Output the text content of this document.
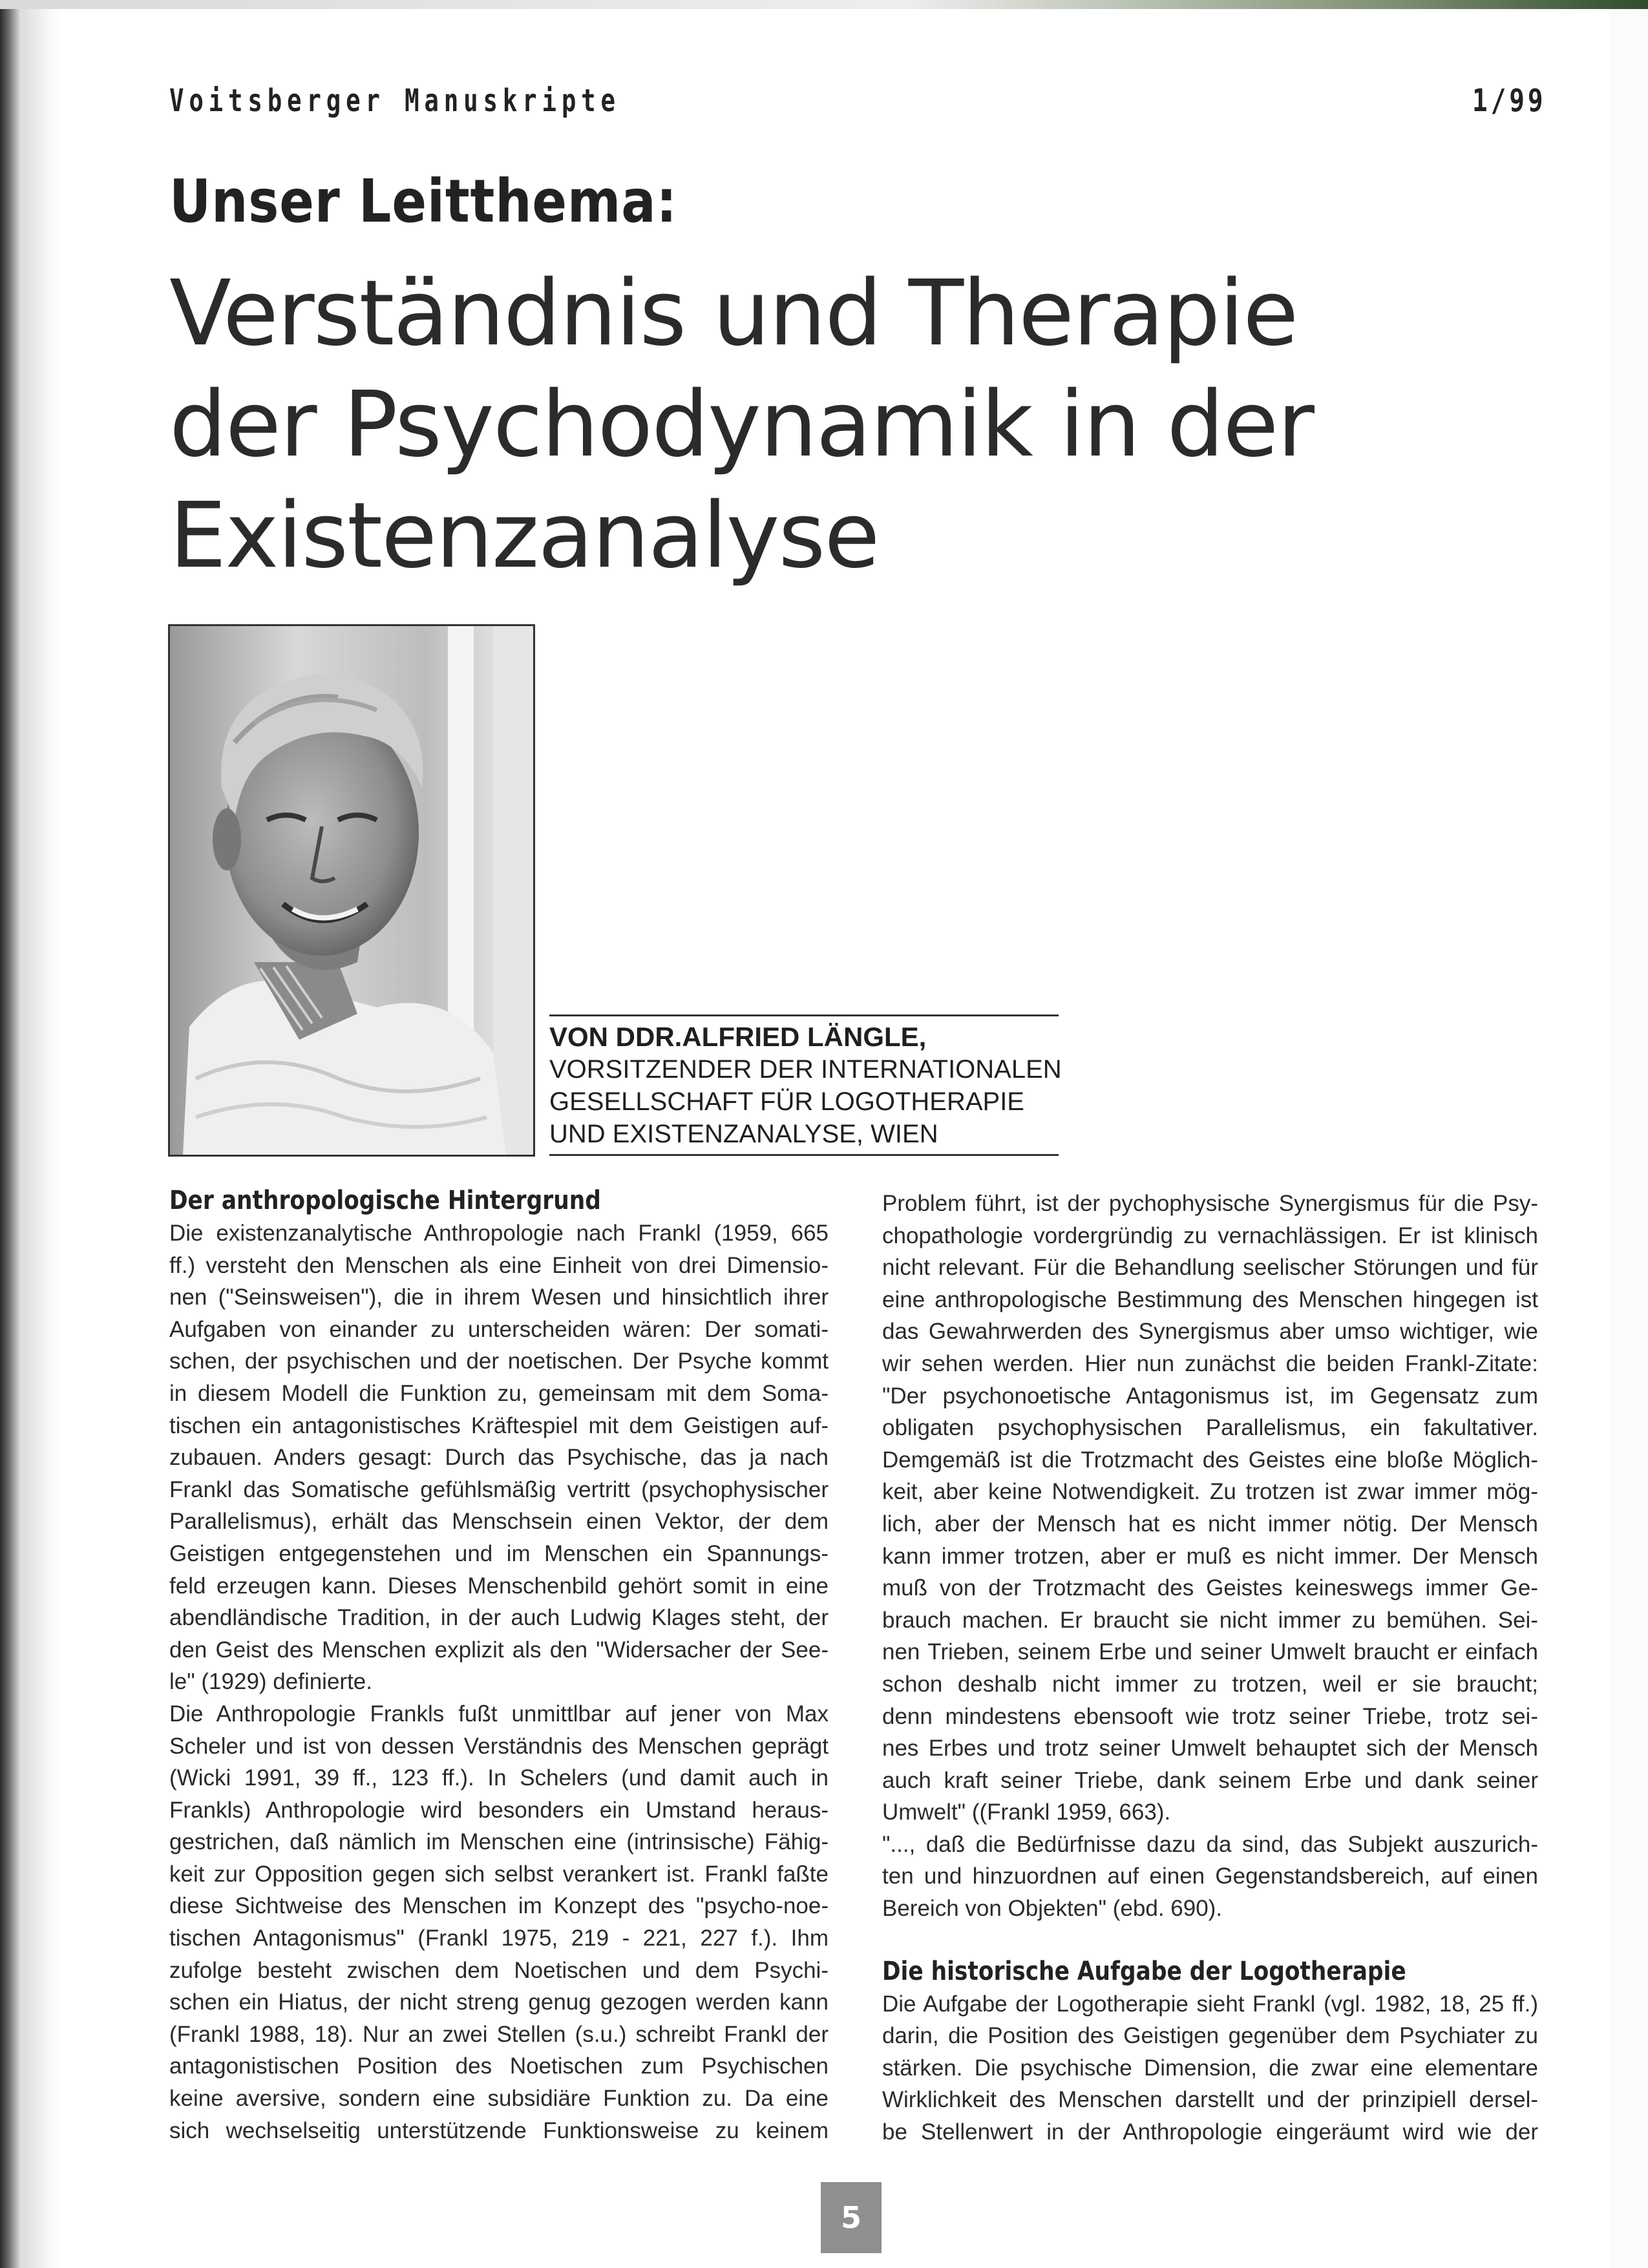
Voitsberger Manuskripte	1/99
Unser Leitthema:
Verständnis und Therapie
der Psychodynamik in der
Existenzanalyse
VON DDR.ALFRIED LÄNGLE,
VORSITZENDER DER INTERNATIONALEN
GESELLSCHAFT FÜR LOGOTHERAPIE
UND EXISTENZANALYSE, WIEN
Der anthropologische Hintergrund
Die existenzanalytische Anthropologie nach Frankl (1959, 665
ff.) versteht den Menschen als eine Einheit von drei Dimensio-
nen ("Seinsweisen"), die in ihrem Wesen und hinsichtlich ihrer
Aufgaben von einander zu unterscheiden wären: Der somati-
schen, der psychischen und der noetischen. Der Psyche kommt
in diesem Modell die Funktion zu, gemeinsam mit dem Soma-
tischen ein antagonistisches Kräftespiel mit dem Geistigen auf-
zubauen. Anders gesagt: Durch das Psychische, das ja nach
Frankl das Somatische gefühlsmäßig vertritt (psychophysischer
Parallelismus), erhält das Menschsein einen Vektor, der dem
Geistigen entgegenstehen und im Menschen ein Spannungs-
feld erzeugen kann. Dieses Menschenbild gehört somit in eine
abendländische Tradition, in der auch Ludwig Klages steht, der
den Geist des Menschen explizit als den "Widersacher der See-
le" (1929) definierte.
Die Anthropologie Frankls fußt unmittlbar auf jener von Max
Scheler und ist von dessen Verständnis des Menschen geprägt
(Wicki 1991, 39 ff., 123 ff.). In Schelers (und damit auch in
Frankls) Anthropologie wird besonders ein Umstand heraus-
gestrichen, daß nämlich im Menschen eine (intrinsische) Fähig-
keit zur Opposition gegen sich selbst verankert ist. Frankl faßte
diese Sichtweise des Menschen im Konzept des "psycho-noe-
tischen Antagonismus" (Frankl 1975, 219 - 221, 227 f.). Ihm
zufolge besteht zwischen dem Noetischen und dem Psychi-
schen ein Hiatus, der nicht streng genug gezogen werden kann
(Frankl 1988, 18). Nur an zwei Stellen (s.u.) schreibt Frankl der
antagonistischen Position des Noetischen zum Psychischen
keine aversive, sondern eine subsidiäre Funktion zu. Da eine
sich wechselseitig unterstützende Funktionsweise zu keinem
Problem führt, ist der pychophysische Synergismus für die Psy-
chopathologie vordergründig zu vernachlässigen. Er ist klinisch
nicht relevant. Für die Behandlung seelischer Störungen und für
eine anthropologische Bestimmung des Menschen hingegen ist
das Gewahrwerden des Synergismus aber umso wichtiger, wie
wir sehen werden. Hier nun zunächst die beiden Frankl-Zitate:
"Der psychonoetische Antagonismus ist, im Gegensatz zum
obligaten psychophysischen Parallelismus, ein fakultativer.
Demgemäß ist die Trotzmacht des Geistes eine bloße Möglich-
keit, aber keine Notwendigkeit. Zu trotzen ist zwar immer mög-
lich, aber der Mensch hat es nicht immer nötig. Der Mensch
kann immer trotzen, aber er muß es nicht immer. Der Mensch
muß von der Trotzmacht des Geistes keineswegs immer Ge-
brauch machen. Er braucht sie nicht immer zu bemühen. Sei-
nen Trieben, seinem Erbe und seiner Umwelt braucht er einfach
schon deshalb nicht immer zu trotzen, weil er sie braucht;
denn mindestens ebensooft wie trotz seiner Triebe, trotz sei-
nes Erbes und trotz seiner Umwelt behauptet sich der Mensch
auch kraft seiner Triebe, dank seinem Erbe und dank seiner
Umwelt" ((Frankl 1959, 663).
"..., daß die Bedürfnisse dazu da sind, das Subjekt auszurich-
ten und hinzuordnen auf einen Gegenstandsbereich, auf einen
Bereich von Objekten" (ebd. 690).
Die historische Aufgabe der Logotherapie
Die Aufgabe der Logotherapie sieht Frankl (vgl. 1982, 18, 25 ff.)
darin, die Position des Geistigen gegenüber dem Psychiater zu
stärken. Die psychische Dimension, die zwar eine elementare
Wirklichkeit des Menschen darstellt und der prinzipiell dersel-
be Stellenwert in der Anthropologie eingeräumt wird wie der
5
